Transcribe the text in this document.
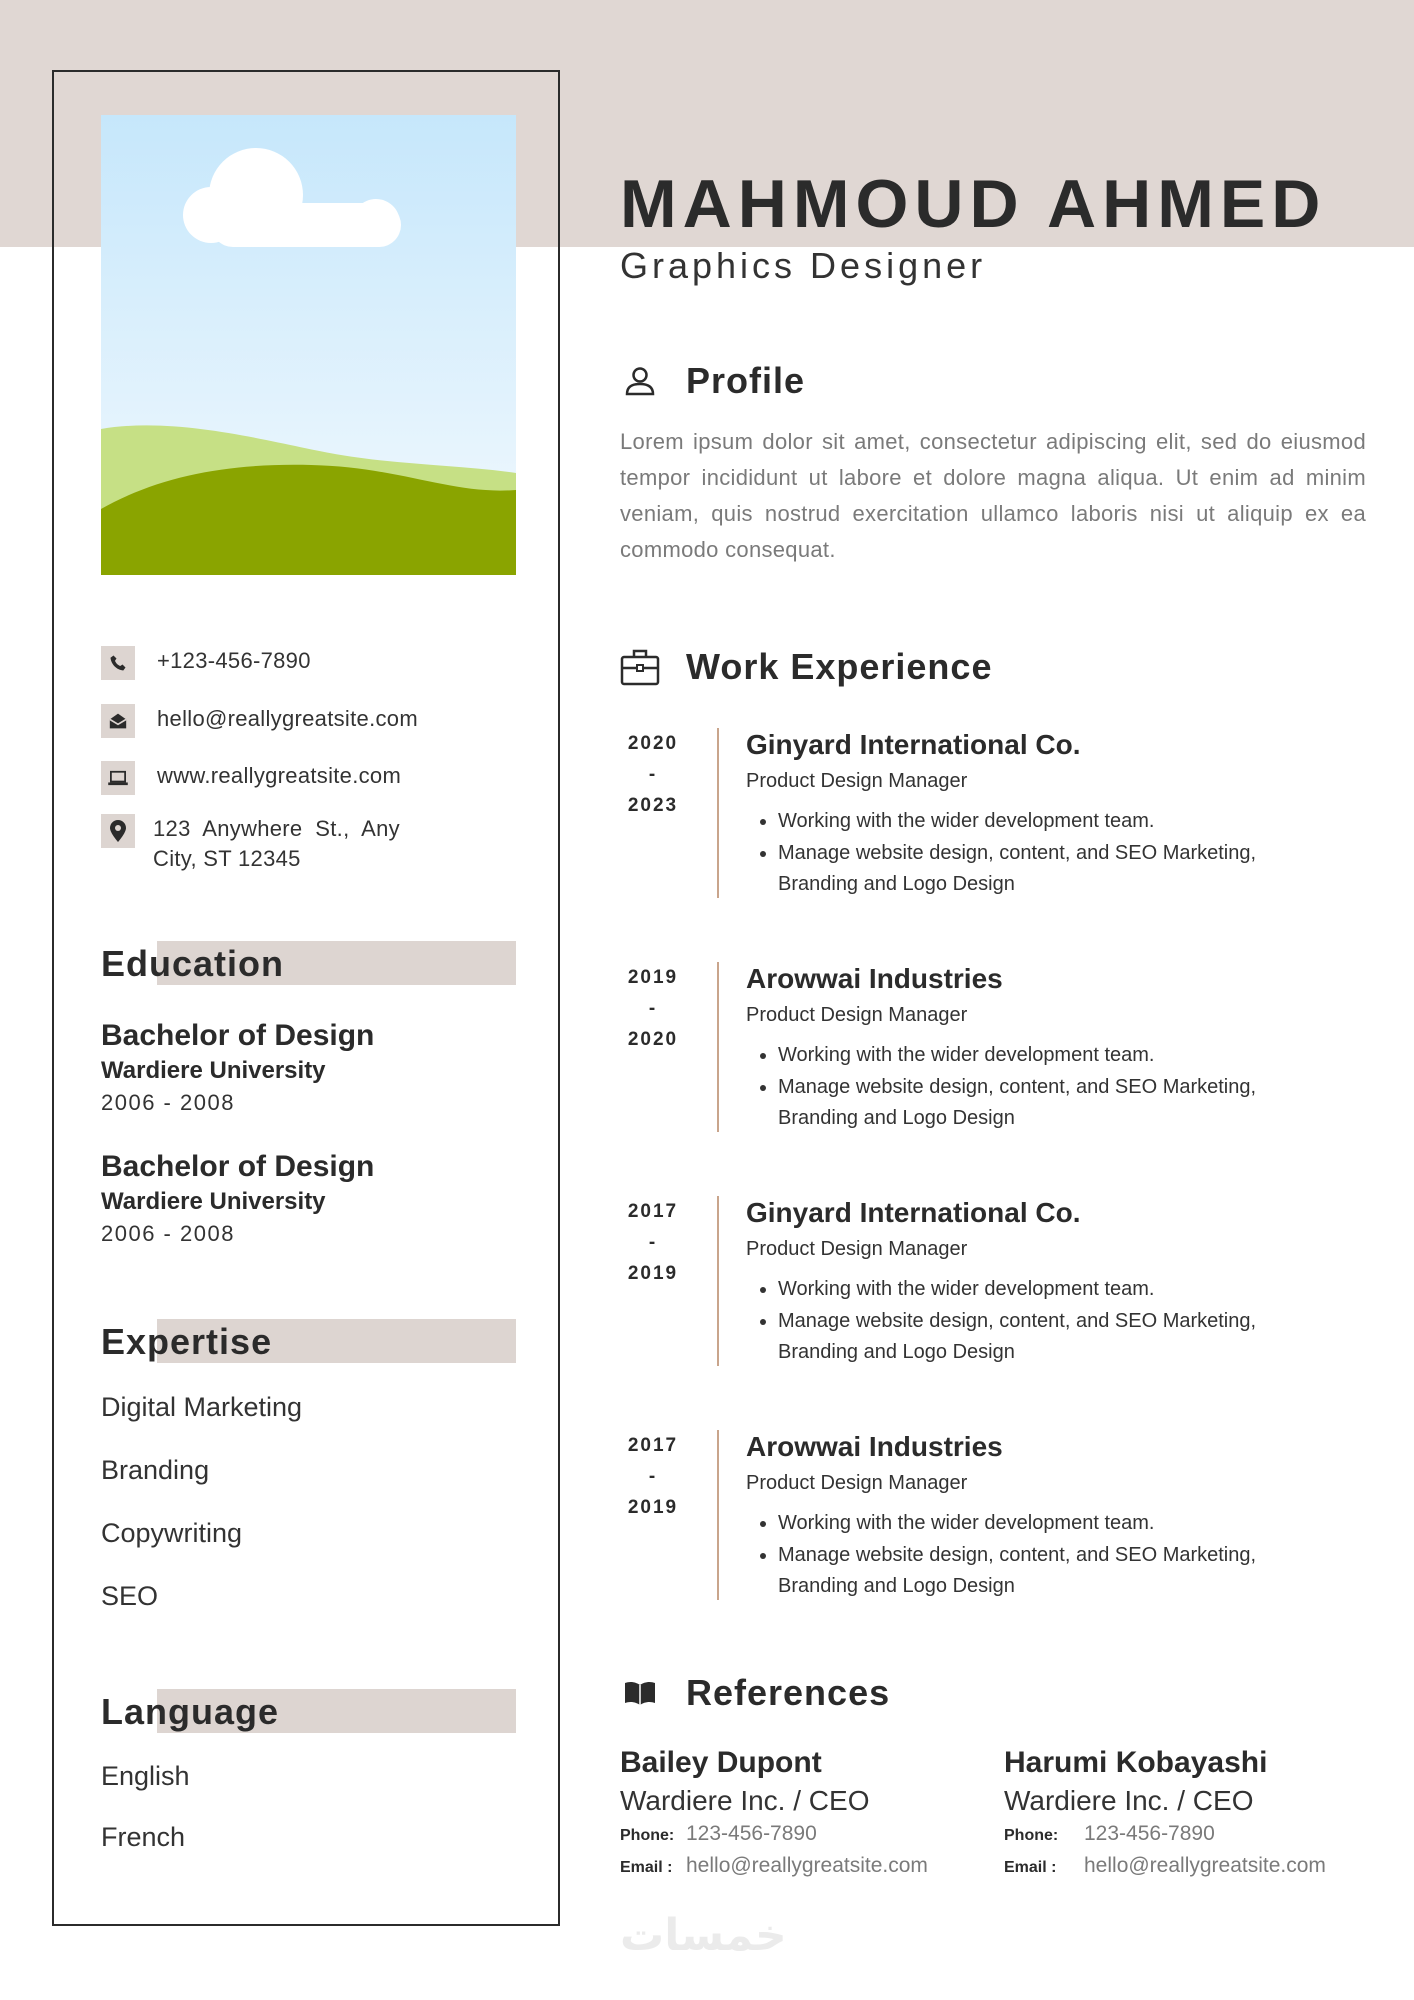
+123-456-7890
hello@reallygreatsite.com
www.reallygreatsite.com
123  Anywhere  St.,  Any
City, ST 12345
Education
Bachelor of Design
Wardiere University
2006 - 2008
Bachelor of Design
Wardiere University
2006 - 2008
Expertise
Digital Marketing
Branding
Copywriting
SEO
Language
English
French
MAHMOUD AHMED
Graphics Designer
Profile
Lorem ipsum dolor sit amet, consectetur adipiscing elit, sed do eiusmod tempor incididunt ut labore et dolore magna aliqua. Ut enim ad minim veniam, quis nostrud exercitation ullamco laboris nisi ut aliquip ex ea commodo consequat.
Work Experience
2020
-
2023
Ginyard International Co.
Product Design Manager
• Working with the wider development team.
• Manage website design, content, and SEO Marketing, Branding and Logo Design
2019
-
2020
Arowwai Industries
Product Design Manager
• Working with the wider development team.
• Manage website design, content, and SEO Marketing, Branding and Logo Design
2017
-
2019
Ginyard International Co.
Product Design Manager
• Working with the wider development team.
• Manage website design, content, and SEO Marketing, Branding and Logo Design
2017
-
2019
Arowwai Industries
Product Design Manager
• Working with the wider development team.
• Manage website design, content, and SEO Marketing, Branding and Logo Design
References
Bailey Dupont
Wardiere Inc. / CEO
Phone: 123-456-7890
Email : hello@reallygreatsite.com
Harumi Kobayashi
Wardiere Inc. / CEO
Phone:	123-456-7890
Email :	hello@reallygreatsite.com
خمسات
